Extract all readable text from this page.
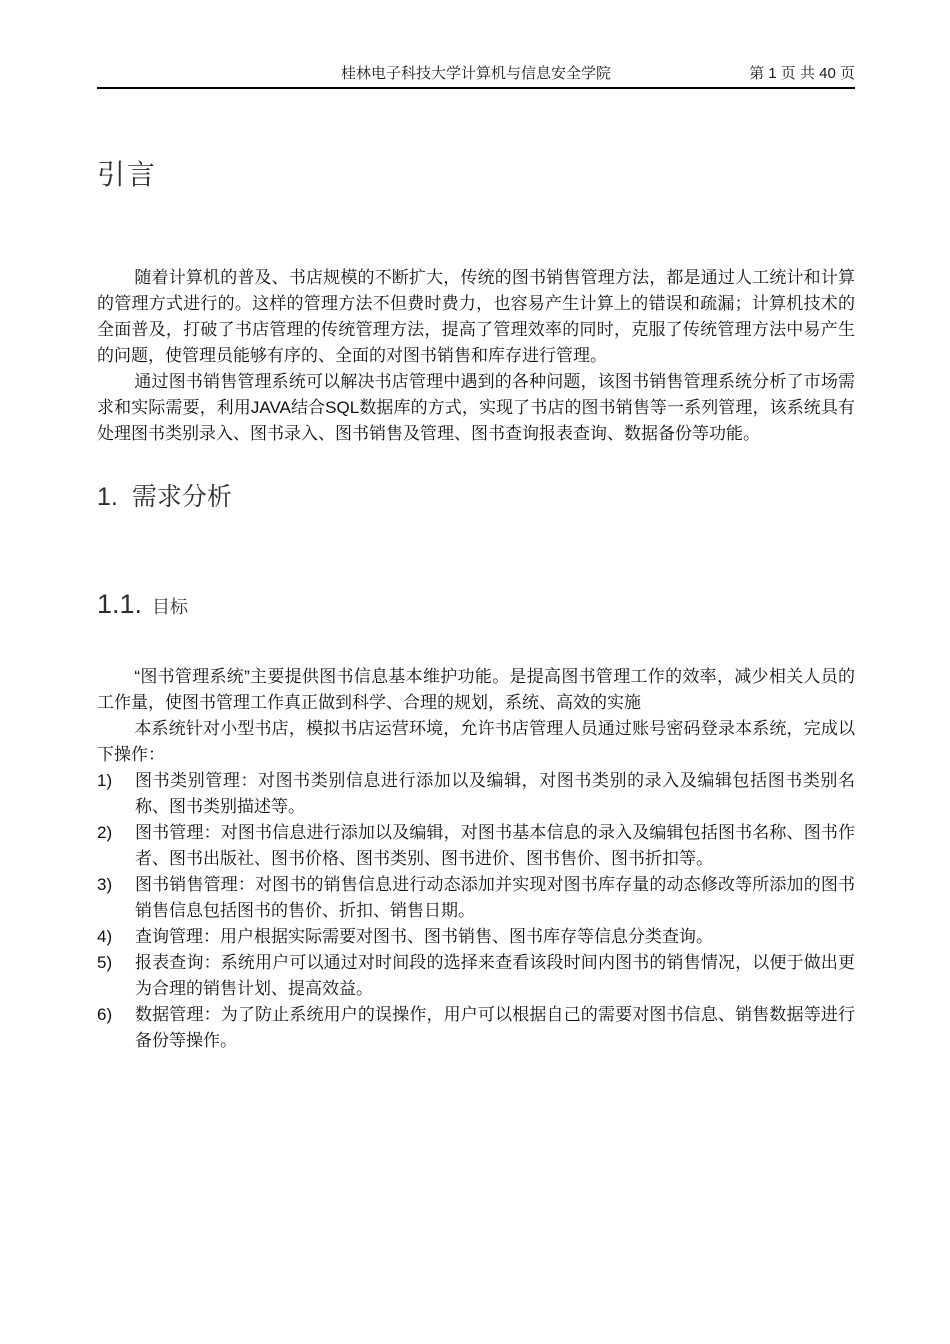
桂林电子科技大学计算机与信息安全学院	第 1 页 共 40 页
引言

随着计算机的普及、书店规模的不断扩大，传统的图书销售管理方法，都是通过人工统计和计算的管理方式进行的。这样的管理方法不但费时费力，也容易产生计算上的错误和疏漏；计算机技术的全面普及，打破了书店管理的传统管理方法，提高了管理效率的同时，克服了传统管理方法中易产生的问题，使管理员能够有序的、全面的对图书销售和库存进行管理。

通过图书销售管理系统可以解决书店管理中遇到的各种问题，该图书销售管理系统分析了市场需求和实际需要，利用JAVA结合SQL数据库的方式，实现了书店的图书销售等一系列管理，该系统具有处理图书类别录入、图书录入、图书销售及管理、图书查询报表查询、数据备份等功能。

1. 需求分析
1.1. 目标

“图书管理系统”主要提供图书信息基本维护功能。是提高图书管理工作的效率，减少相关人员的工作量，使图书管理工作真正做到科学、合理的规划，系统、高效的实施

本系统针对小型书店，模拟书店运营环境，允许书店管理人员通过账号密码登录本系统，完成以下操作：

1)	图书类别管理：对图书类别信息进行添加以及编辑，对图书类别的录入及编辑包括图书类别名称、图书类别描述等。
2)	图书管理：对图书信息进行添加以及编辑，对图书基本信息的录入及编辑包括图书名称、图书作者、图书出版社、图书价格、图书类别、图书进价、图书售价、图书折扣等。
3)	图书销售管理：对图书的销售信息进行动态添加并实现对图书库存量的动态修改等所添加的图书销售信息包括图书的售价、折扣、销售日期。
4)	查询管理：用户根据实际需要对图书、图书销售、图书库存等信息分类查询。
5)	报表查询：系统用户可以通过对时间段的选择来查看该段时间内图书的销售情况，以便于做出更为合理的销售计划、提高效益。
6)	数据管理：为了防止系统用户的误操作，用户可以根据自己的需要对图书信息、销售数据等进行备份等操作。
